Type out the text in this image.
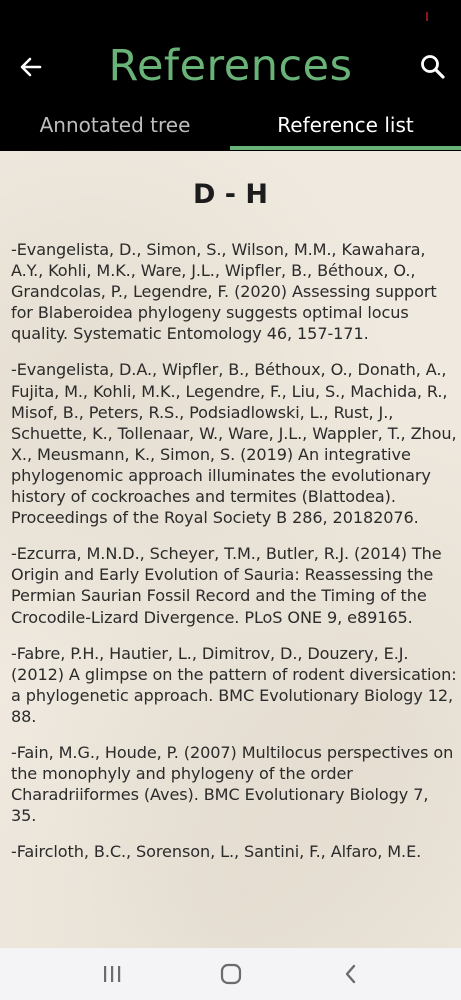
References
Annotated tree	Reference list
D - H

-Evangelista, D., Simon, S., Wilson, M.M., Kawahara, A.Y., Kohli, M.K., Ware, J.L., Wipfler, B., Béthoux, O., Grandcolas, P., Legendre, F. (2020) Assessing support for Blaberoidea phylogeny suggests optimal locus quality. Systematic Entomology 46, 157-171.

-Evangelista, D.A., Wipfler, B., Béthoux, O., Donath, A., Fujita, M., Kohli, M.K., Legendre, F., Liu, S., Machida, R., Misof, B., Peters, R.S., Podsiadlowski, L., Rust, J., Schuette, K., Tollenaar, W., Ware, J.L., Wappler, T., Zhou, X., Meusmann, K., Simon, S. (2019) An integrative phylogenomic approach illuminates the evolutionary history of cockroaches and termites (Blattodea). Proceedings of the Royal Society B 286, 20182076.

-Ezcurra, M.N.D., Scheyer, T.M., Butler, R.J. (2014) The Origin and Early Evolution of Sauria: Reassessing the Permian Saurian Fossil Record and the Timing of the Crocodile-Lizard Divergence. PLoS ONE 9, e89165.

-Fabre, P.H., Hautier, L., Dimitrov, D., Douzery, E.J. (2012) A glimpse on the pattern of rodent diversication: a phylogenetic approach. BMC Evolutionary Biology 12, 88.

-Fain, M.G., Houde, P. (2007) Multilocus perspectives on the monophyly and phylogeny of the order Charadriiformes (Aves). BMC Evolutionary Biology 7, 35.

-Faircloth, B.C., Sorenson, L., Santini, F., Alfaro, M.E.
